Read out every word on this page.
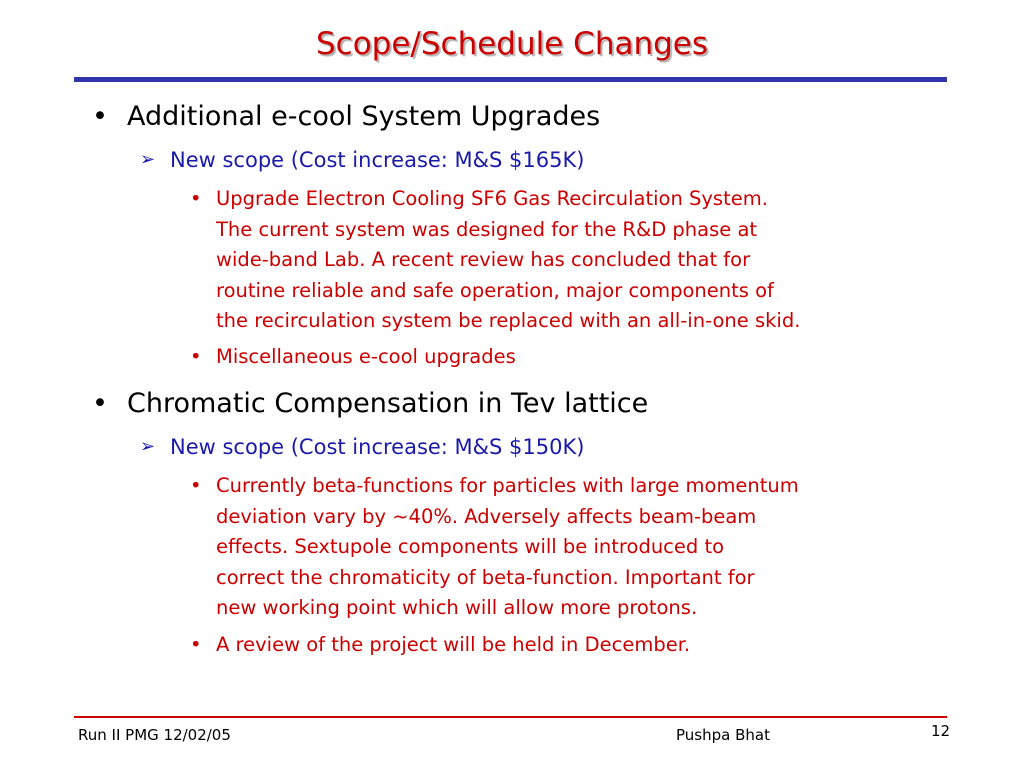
Scope/Schedule Changes
• Additional e-cool System Upgrades
➢ New scope (Cost increase: M&S $165K)
• Upgrade Electron Cooling SF6 Gas Recirculation System.
The current system was designed for the R&D phase at
wide-band Lab. A recent review has concluded that for
routine reliable and safe operation, major components of
the recirculation system be replaced with an all-in-one skid.
• Miscellaneous e-cool upgrades
• Chromatic Compensation in Tev lattice
➢ New scope (Cost increase: M&S $150K)
• Currently beta-functions for particles with large momentum
deviation vary by ~40%. Adversely affects beam-beam
effects. Sextupole components will be introduced to
correct the chromaticity of beta-function. Important for
new working point which will allow more protons.
• A review of the project will be held in December.
Run II PMG 12/02/05	Pushpa Bhat	12
